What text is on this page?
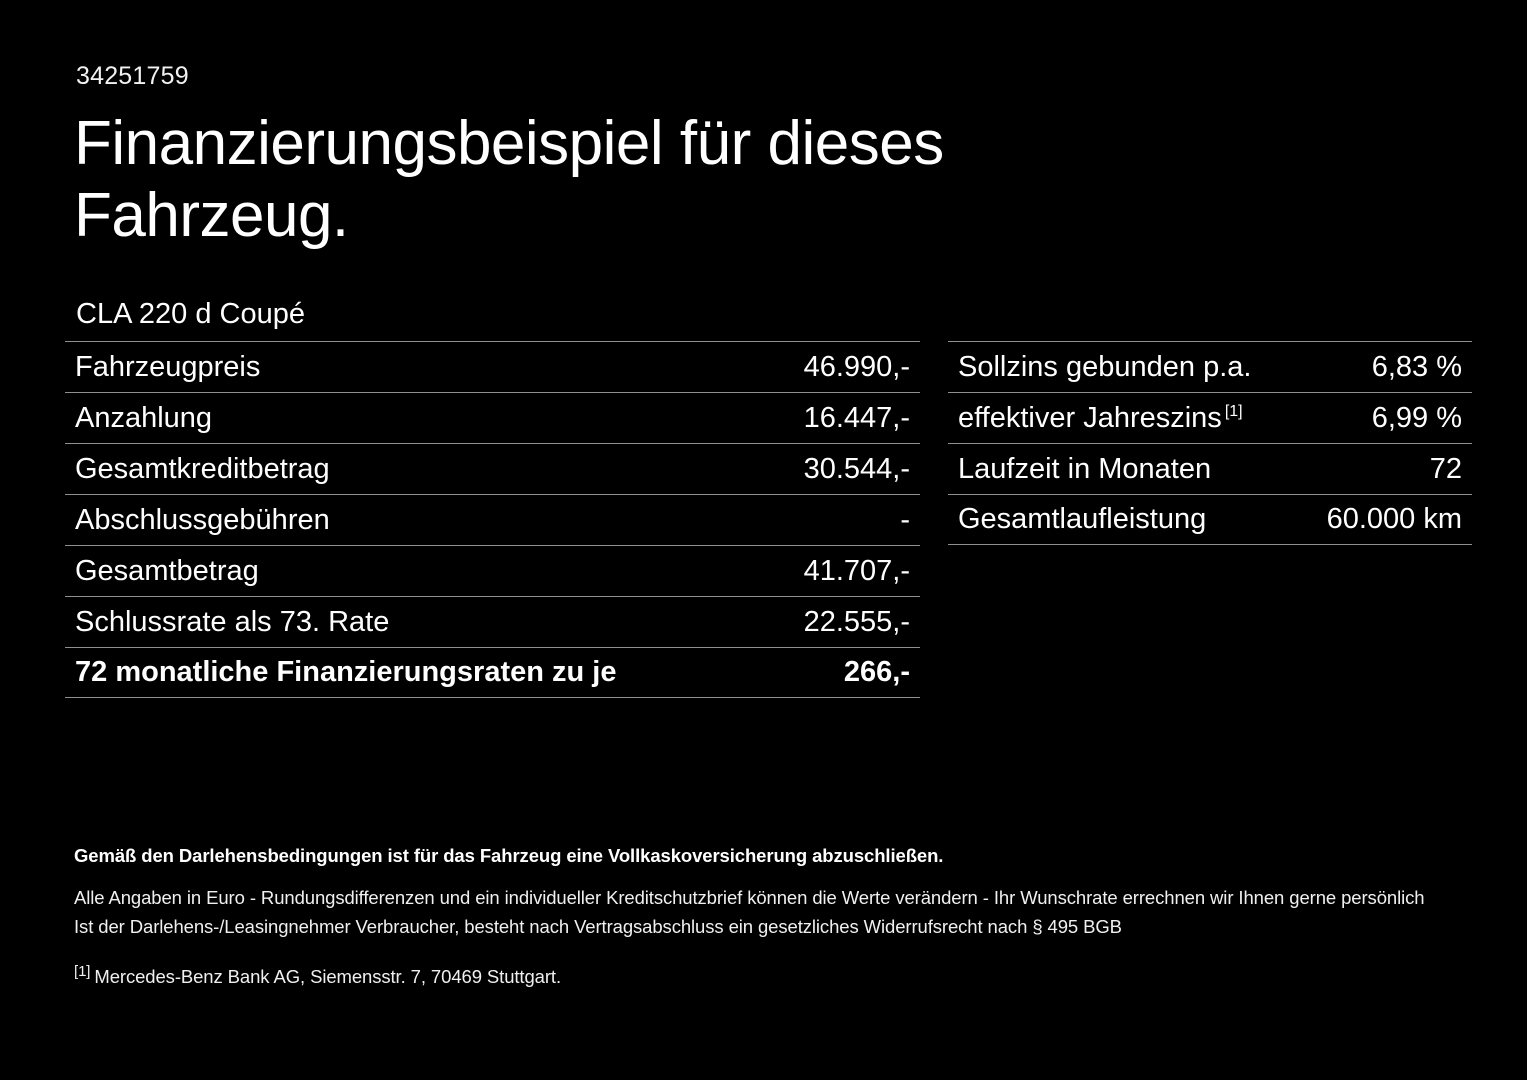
34251759
Finanzierungsbeispiel für dieses Fahrzeug.
CLA 220 d Coupé
Fahrzeugpreis	46.990,-
Anzahlung	16.447,-
Gesamtkreditbetrag	30.544,-
Abschlussgebühren	-
Gesamtbetrag	41.707,-
Schlussrate als 73. Rate	22.555,-
72 monatliche Finanzierungsraten zu je	266,-
Sollzins gebunden p.a.	6,83 %
effektiver Jahreszins [1]	6,99 %
Laufzeit in Monaten	72
Gesamtlaufleistung	60.000 km
Gemäß den Darlehensbedingungen ist für das Fahrzeug eine Vollkaskoversicherung abzuschließen.
Alle Angaben in Euro - Rundungsdifferenzen und ein individueller Kreditschutzbrief können die Werte verändern - Ihr Wunschrate errechnen wir Ihnen gerne persönlich
Ist der Darlehens-/Leasingnehmer Verbraucher, besteht nach Vertragsabschluss ein gesetzliches Widerrufsrecht nach § 495 BGB
[1] Mercedes-Benz Bank AG, Siemensstr. 7, 70469 Stuttgart.
